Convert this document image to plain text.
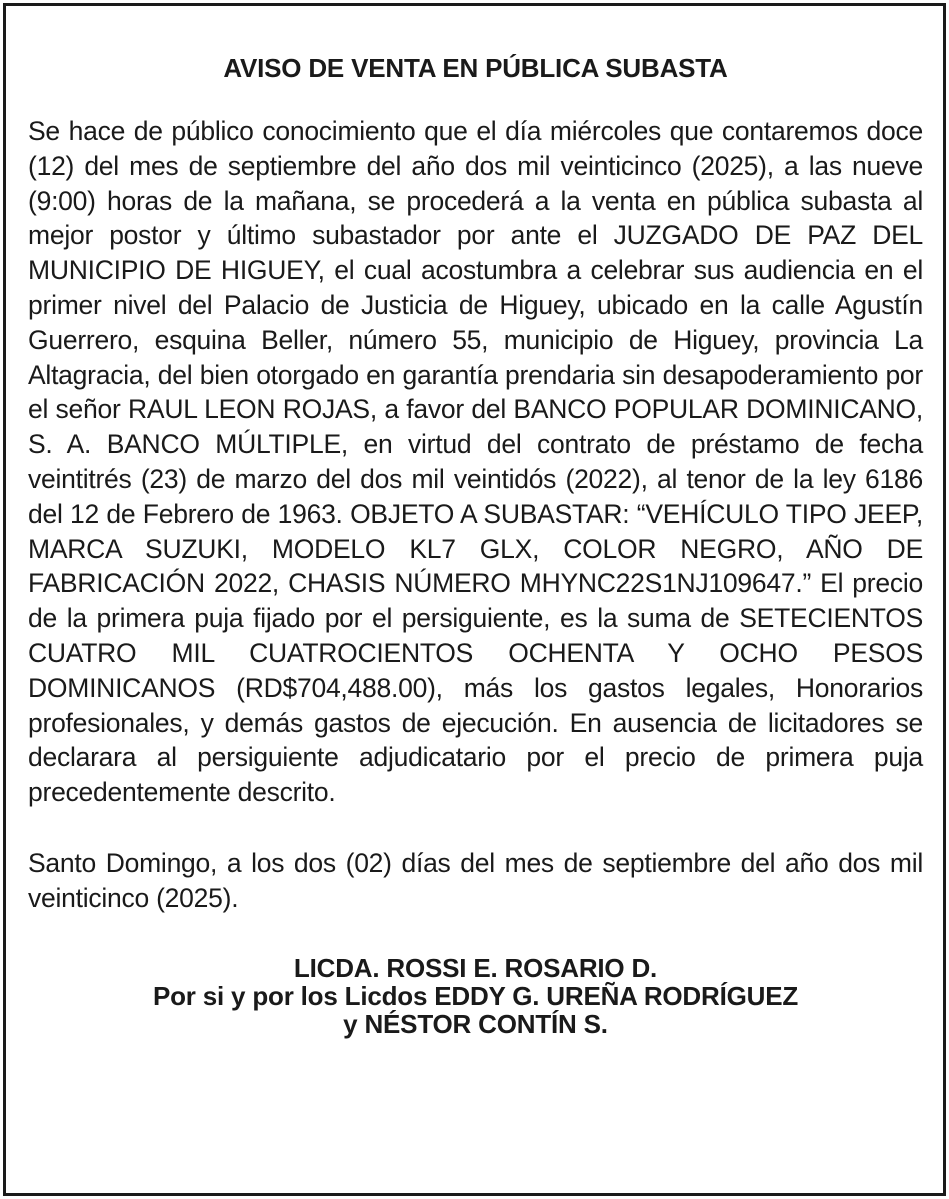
AVISO DE VENTA EN PÚBLICA SUBASTA

Se hace de público conocimiento que el día miércoles que contaremos doce (12) del mes de septiembre del año dos mil veinticinco (2025), a las nueve (9:00) horas de la mañana, se procederá a la venta en pública subasta al mejor postor y último subastador por ante el JUZGADO DE PAZ DEL MUNICIPIO DE HIGUEY, el cual acostumbra a celebrar sus audiencia en el primer nivel del Palacio de Justicia de Higuey, ubicado en la calle Agustín Guerrero, esquina Beller, número 55, municipio de Higuey, provincia La Altagracia, del bien otorgado en garantía prendaria sin desapoderamiento por el señor RAUL LEON ROJAS, a favor del BANCO POPULAR DOMINICANO, S. A. BANCO MÚLTIPLE, en virtud del contrato de préstamo de fecha veintitrés (23) de marzo del dos mil veintidós (2022), al tenor de la ley 6186 del 12 de Febrero de 1963. OBJETO A SUBASTAR: “VEHÍCULO TIPO JEEP, MARCA SUZUKI, MODELO KL7 GLX, COLOR NEGRO, AÑO DE FABRICACIÓN 2022, CHASIS NÚMERO MHYNC22S1NJ109647.” El precio de la primera puja fijado por el persiguiente, es la suma de SETECIENTOS CUATRO MIL CUATROCIENTOS OCHENTA Y OCHO PESOS DOMINICANOS (RD$704,488.00), más los gastos legales, Honorarios profesionales, y demás gastos de ejecución. En ausencia de licitadores se declarara al persiguiente adjudicatario por el precio de primera puja precedentemente descrito.

Santo Domingo, a los dos (02) días del mes de septiembre del año dos mil veinticinco (2025).

LICDA. ROSSI E. ROSARIO D.
Por si y por los Licdos EDDY G. UREÑA RODRÍGUEZ
y NÉSTOR CONTÍN S.
